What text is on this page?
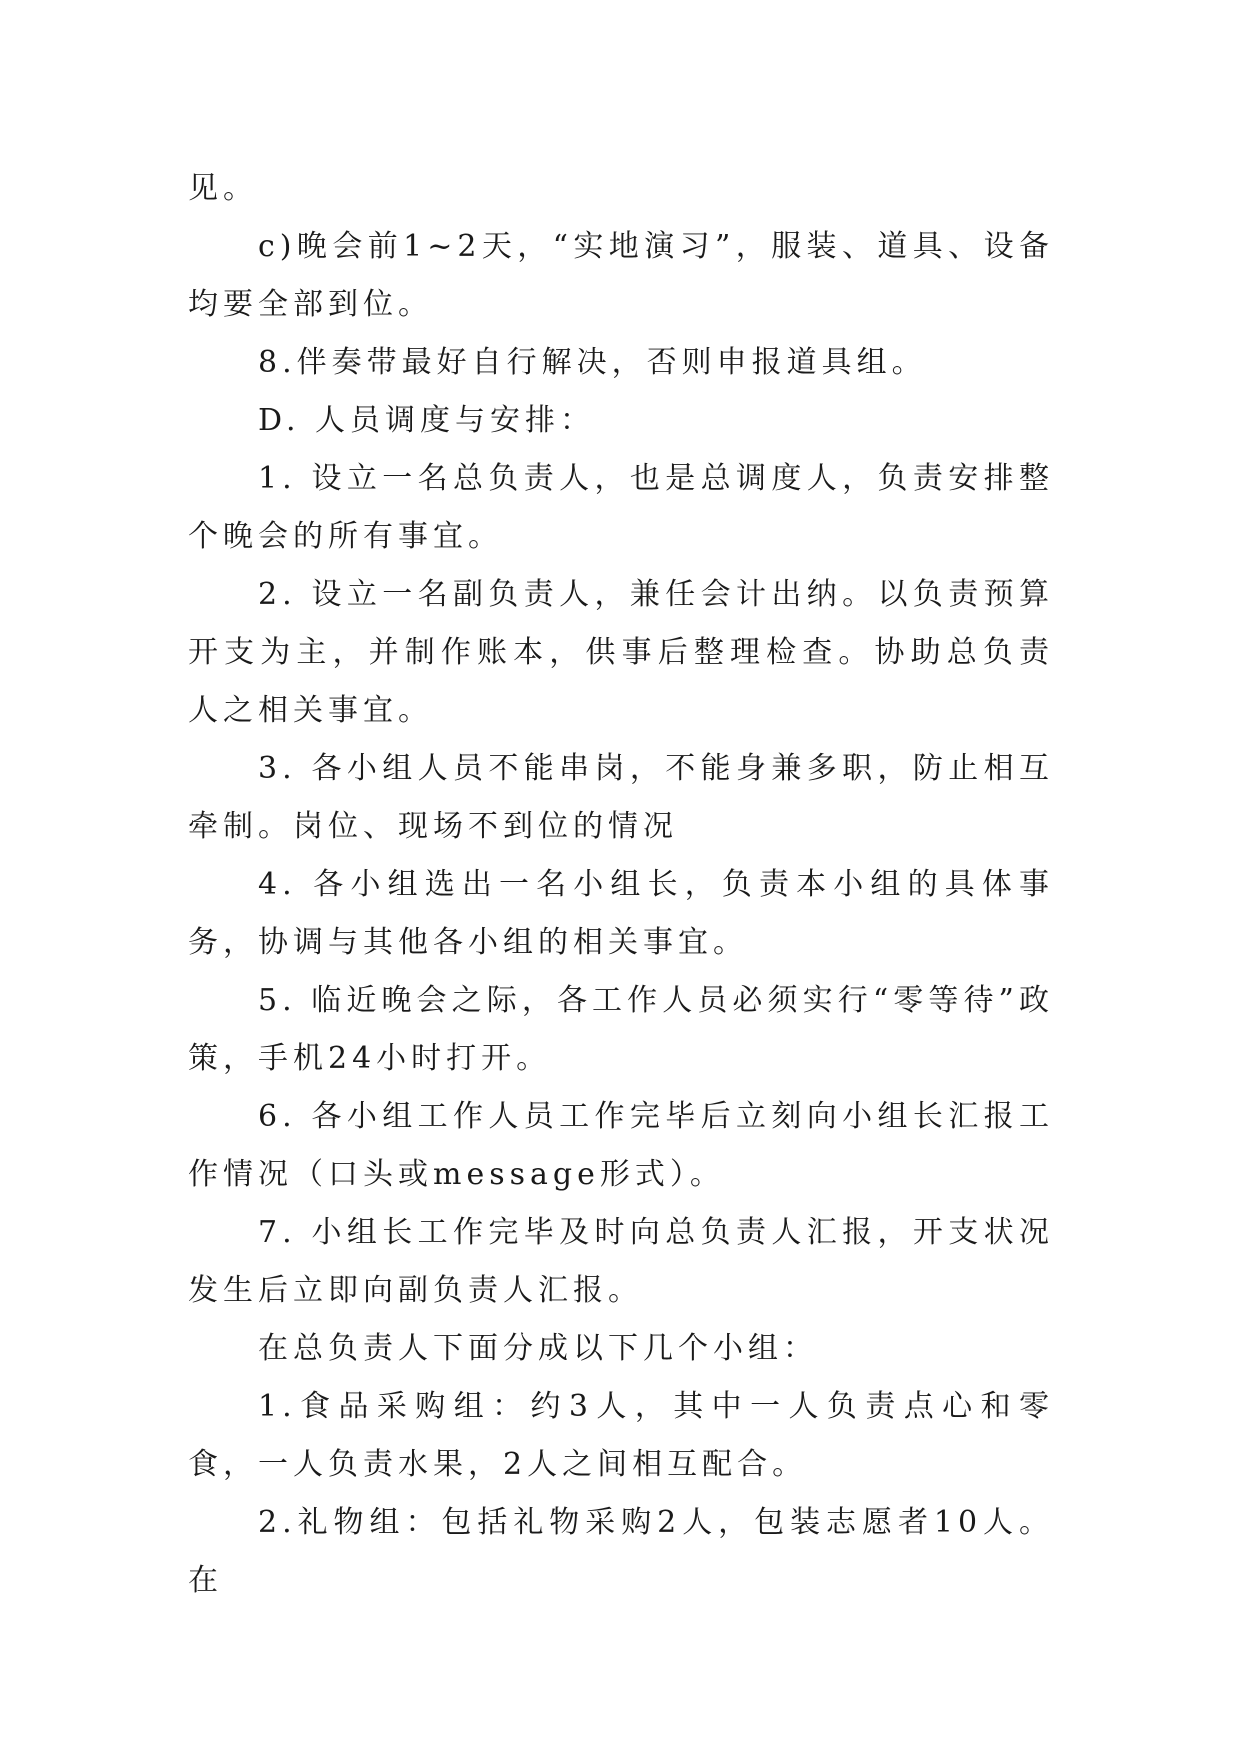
见。

c)晚会前1~2天，“实地演习”，服装、道具、设备均要全部到位。

8.伴奏带最好自行解决，否则申报道具组。

D. 人员调度与安排：

1. 设立一名总负责人，也是总调度人，负责安排整个晚会的所有事宜。

2. 设立一名副负责人，兼任会计出纳。以负责预算开支为主，并制作账本，供事后整理检查。协助总负责人之相关事宜。

3. 各小组人员不能串岗，不能身兼多职，防止相互牵制。岗位、现场不到位的情况

4. 各小组选出一名小组长，负责本小组的具体事务，协调与其他各小组的相关事宜。

5. 临近晚会之际，各工作人员必须实行“零等待”政策，手机24小时打开。

6. 各小组工作人员工作完毕后立刻向小组长汇报工作情况（口头或message形式）。

7. 小组长工作完毕及时向总负责人汇报，开支状况发生后立即向副负责人汇报。

在总负责人下面分成以下几个小组：

1.食品采购组：约3人，其中一人负责点心和零食，一人负责水果，2人之间相互配合。

2.礼物组：包括礼物采购2人，包装志愿者10人。在
